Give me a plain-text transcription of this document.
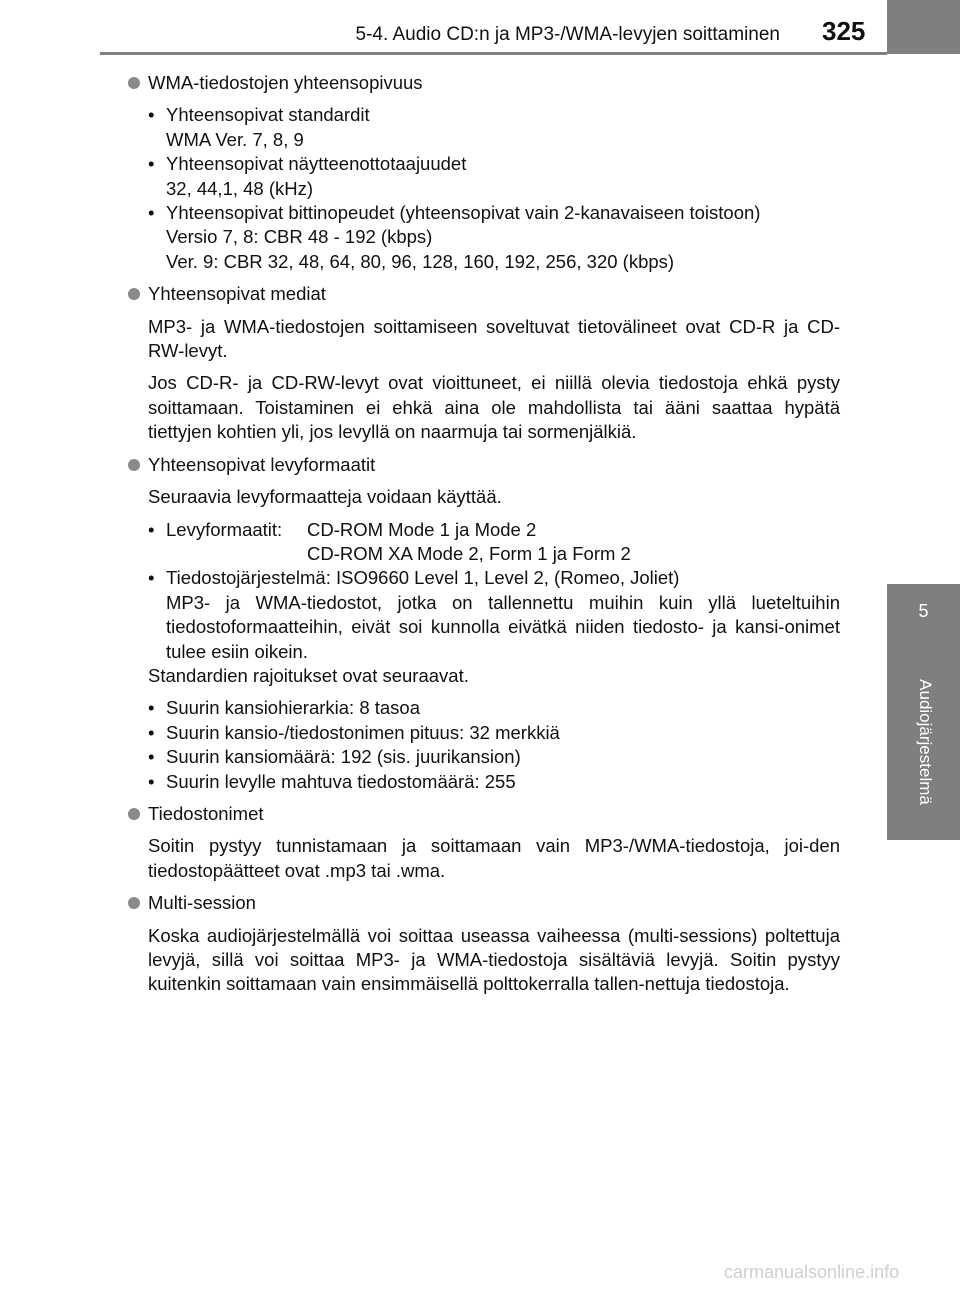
5-4. Audio CD:n ja MP3-/WMA-levyjen soittaminen 325
5
Audiojärjestelmä
WMA-tiedostojen yhteensopivuus
• Yhteensopivat standardit
WMA Ver. 7, 8, 9
• Yhteensopivat näytteenottotaajuudet
32, 44,1, 48 (kHz)
• Yhteensopivat bittinopeudet (yhteensopivat vain 2-kanavaiseen toistoon)
Versio 7, 8: CBR 48 - 192 (kbps)
Ver. 9: CBR 32, 48, 64, 80, 96, 128, 160, 192, 256, 320 (kbps)
Yhteensopivat mediat

MP3- ja WMA-tiedostojen soittamiseen soveltuvat tietovälineet ovat CD-R ja CD-RW-levyt.

Jos CD-R- ja CD-RW-levyt ovat vioittuneet, ei niillä olevia tiedostoja ehkä pysty soittamaan. Toistaminen ei ehkä aina ole mahdollista tai ääni saattaa hypätä tiettyjen kohtien yli, jos levyllä on naarmuja tai sormenjälkiä.

Yhteensopivat levyformaatit

Seuraavia levyformaatteja voidaan käyttää.

• Levyformaatit:	CD-ROM Mode 1 ja Mode 2
CD-ROM XA Mode 2, Form 1 ja Form 2
• Tiedostojärjestelmä: ISO9660 Level 1, Level 2, (Romeo, Joliet)
MP3- ja WMA-tiedostot, jotka on tallennettu muihin kuin yllä lueteltuihin tiedostoformaatteihin, eivät soi kunnolla eivätkä niiden tiedosto- ja kansi-onimet tulee esiin oikein.

Standardien rajoitukset ovat seuraavat.

• Suurin kansiohierarkia: 8 tasoa
• Suurin kansio-/tiedostonimen pituus: 32 merkkiä
• Suurin kansiomäärä: 192 (sis. juurikansion)
• Suurin levylle mahtuva tiedostomäärä: 255
Tiedostonimet

Soitin pystyy tunnistamaan ja soittamaan vain MP3-/WMA-tiedostoja, joi-den tiedostopäätteet ovat .mp3 tai .wma.

Multi-session

Koska audiojärjestelmällä voi soittaa useassa vaiheessa (multi-sessions) poltettuja levyjä, sillä voi soittaa MP3- ja WMA-tiedostoja sisältäviä levyjä. Soitin pystyy kuitenkin soittamaan vain ensimmäisellä polttokerralla tallen-nettuja tiedostoja.

carmanualsonline.info
